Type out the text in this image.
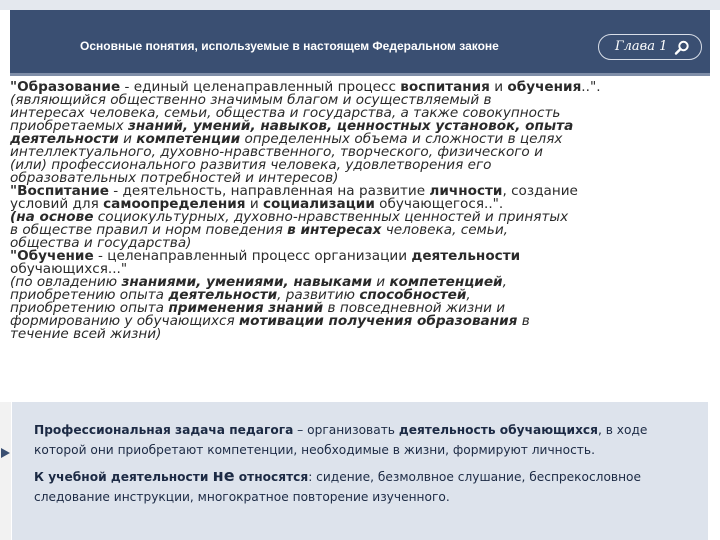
Основные понятия, используемые в настоящем Федеральном законе	Глава 1

"Образование - единый целенаправленный процесс воспитания и обучения..".

(являющийся общественно значимым благом и осуществляемый в

интересах человека, семьи, общества и государства, а также совокупность

приобретаемых знаний, умений, навыков, ценностных установок, опыта

деятельности и компетенции определенных объема и сложности в целях

интеллектуального, духовно-нравственного, творческого, физического и

(или) профессионального развития человека, удовлетворения его

образовательных потребностей и интересов)

"Воспитание - деятельность, направленная на развитие личности, создание

условий для самоопределения и социализации обучающегося..".

(на основе социокультурных, духовно-нравственных ценностей и принятых

в обществе правил и норм поведения в интересах человека, семьи,

общества и государства)

"Обучение - целенаправленный процесс организации деятельности

обучающихся..."

(по овладению знаниями, умениями, навыками и компетенцией,

приобретению опыта деятельности, развитию способностей,

приобретению опыта применения знаний в повседневной жизни и

формированию у обучающихся мотивации получения образования в

течение всей жизни)

Профессиональная задача педагога – организовать деятельность обучающихся, в ходе

которой они приобретают компетенции, необходимые в жизни, формируют личность.

К учебной деятельности не относятся: сидение, безмолвное слушание, беспрекословное

следование инструкции, многократное повторение изученного.
